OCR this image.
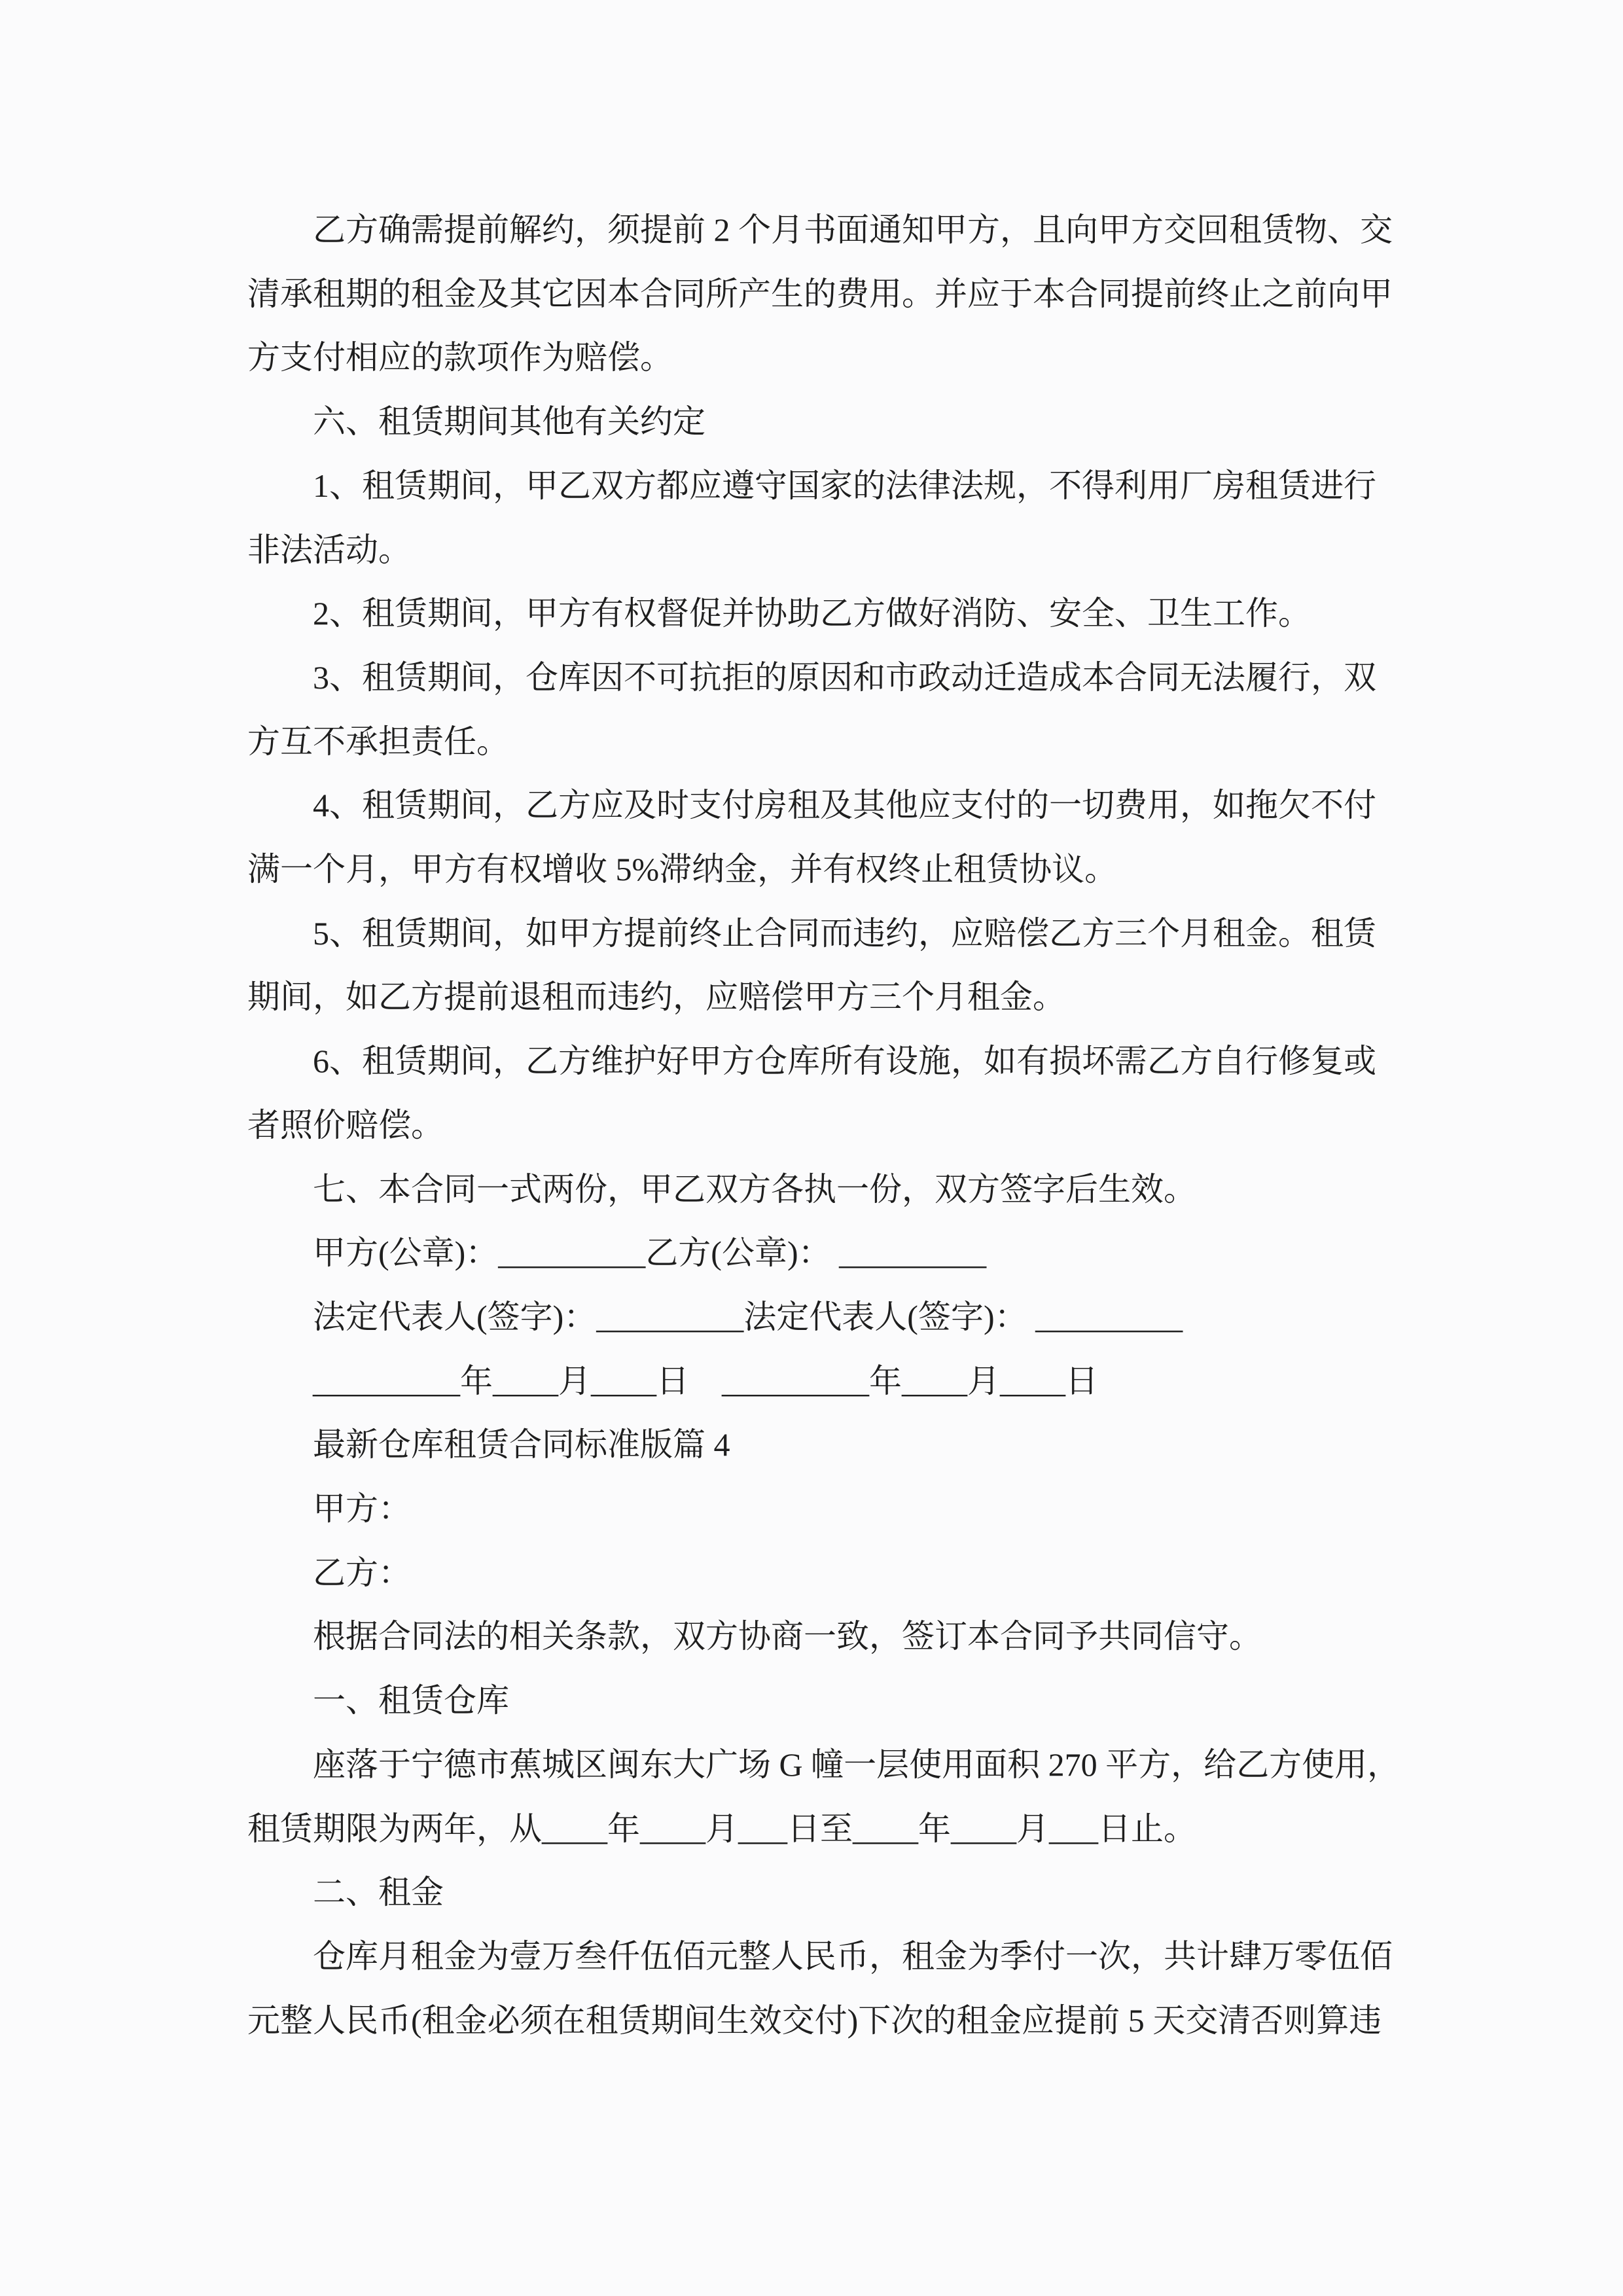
乙方确需提前解约，须提前 2 个月书面通知甲方，且向甲方交回租赁物、交

清承租期的租金及其它因本合同所产生的费用。并应于本合同提前终止之前向甲

方支付相应的款项作为赔偿。

六、租赁期间其他有关约定

1、租赁期间，甲乙双方都应遵守国家的法律法规，不得利用厂房租赁进行

非法活动。

2、租赁期间，甲方有权督促并协助乙方做好消防、安全、卫生工作。

3、租赁期间，仓库因不可抗拒的原因和市政动迁造成本合同无法履行，双

方互不承担责任。

4、租赁期间，乙方应及时支付房租及其他应支付的一切费用，如拖欠不付

满一个月，甲方有权增收 5%滞纳金，并有权终止租赁协议。

5、租赁期间，如甲方提前终止合同而违约，应赔偿乙方三个月租金。租赁

期间，如乙方提前退租而违约，应赔偿甲方三个月租金。

6、租赁期间，乙方维护好甲方仓库所有设施，如有损坏需乙方自行修复或

者照价赔偿。

七、本合同一式两份，甲乙双方各执一份，双方签字后生效。

甲方(公章)：_________乙方(公章)： _________

法定代表人(签字)：_________法定代表人(签字)： _________

_________年____月____日　_________年____月____日

最新仓库租赁合同标准版篇 4

甲方：

乙方：

根据合同法的相关条款，双方协商一致，签订本合同予共同信守。

一、租赁仓库

座落于宁德市蕉城区闽东大广场 G 幢一层使用面积 270 平方，给乙方使用，

租赁期限为两年，从____年____月___日至____年____月___日止。

二、租金

仓库月租金为壹万叁仟伍佰元整人民币，租金为季付一次，共计肆万零伍佰

元整人民币(租金必须在租赁期间生效交付)下次的租金应提前 5 天交清否则算违
